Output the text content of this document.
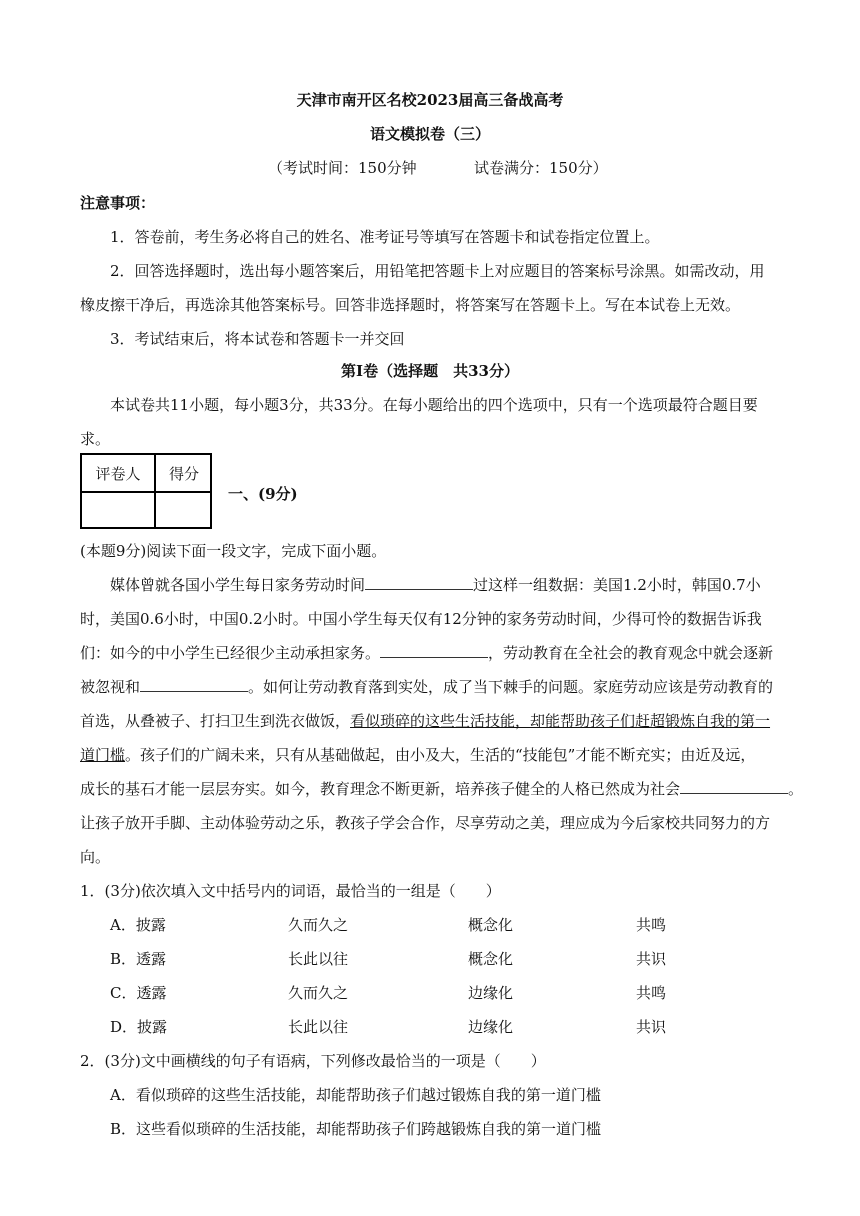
天津市南开区名校2023届高三备战高考
语文模拟卷（三）
（考试时间：150分钟	试卷满分：150分）
注意事项：
1．答卷前，考生务必将自己的姓名、准考证号等填写在答题卡和试卷指定位置上。
2．回答选择题时，选出每小题答案后，用铅笔把答题卡上对应题目的答案标号涂黑。如需改动，用
橡皮擦干净后，再选涂其他答案标号。回答非选择题时，将答案写在答题卡上。写在本试卷上无效。
3．考试结束后，将本试卷和答题卡一并交回
第Ⅰ卷（选择题　共33分）
本试卷共11小题，每小题3分，共33分。在每小题给出的四个选项中，只有一个选项最符合题目要
求。
评卷人	得分
一、(9分)
(本题9分)阅读下面一段文字，完成下面小题。
媒体曾就各国小学生每日家务劳动时间	过这样一组数据：美国1.2小时，韩国0.7小
时，美国0.6小时，中国0.2小时。中国小学生每天仅有12分钟的家务劳动时间，少得可怜的数据告诉我
们：如今的中小学生已经很少主动承担家务。	，劳动教育在全社会的教育观念中就会逐新
被忽视和	。如何让劳动教育落到实处，成了当下棘手的问题。家庭劳动应该是劳动教育的
首选，从叠被子、打扫卫生到洗衣做饭，看似琐碎的这些生活技能，却能帮助孩子们赶超锻炼自我的第一
道门槛。孩子们的广阔未来，只有从基础做起，由小及大，生活的“技能包”才能不断充实；由近及远，
成长的基石才能一层层夯实。如今，教育理念不断更新，培养孩子健全的人格已然成为社会	。
让孩子放开手脚、主动体验劳动之乐，教孩子学会合作，尽享劳动之美，理应成为今后家校共同努力的方
向。
1．(3分)依次填入文中括号内的词语，最恰当的一组是（　　）
A．披露	久而久之	概念化	共鸣
B．透露	长此以往	概念化	共识
C．透露	久而久之	边缘化	共鸣
D．披露	长此以往	边缘化	共识
2．(3分)文中画横线的句子有语病，下列修改最恰当的一项是（　　）
A．看似琐碎的这些生活技能，却能帮助孩子们越过锻炼自我的第一道门槛
B．这些看似琐碎的生活技能，却能帮助孩子们跨越锻炼自我的第一道门槛
